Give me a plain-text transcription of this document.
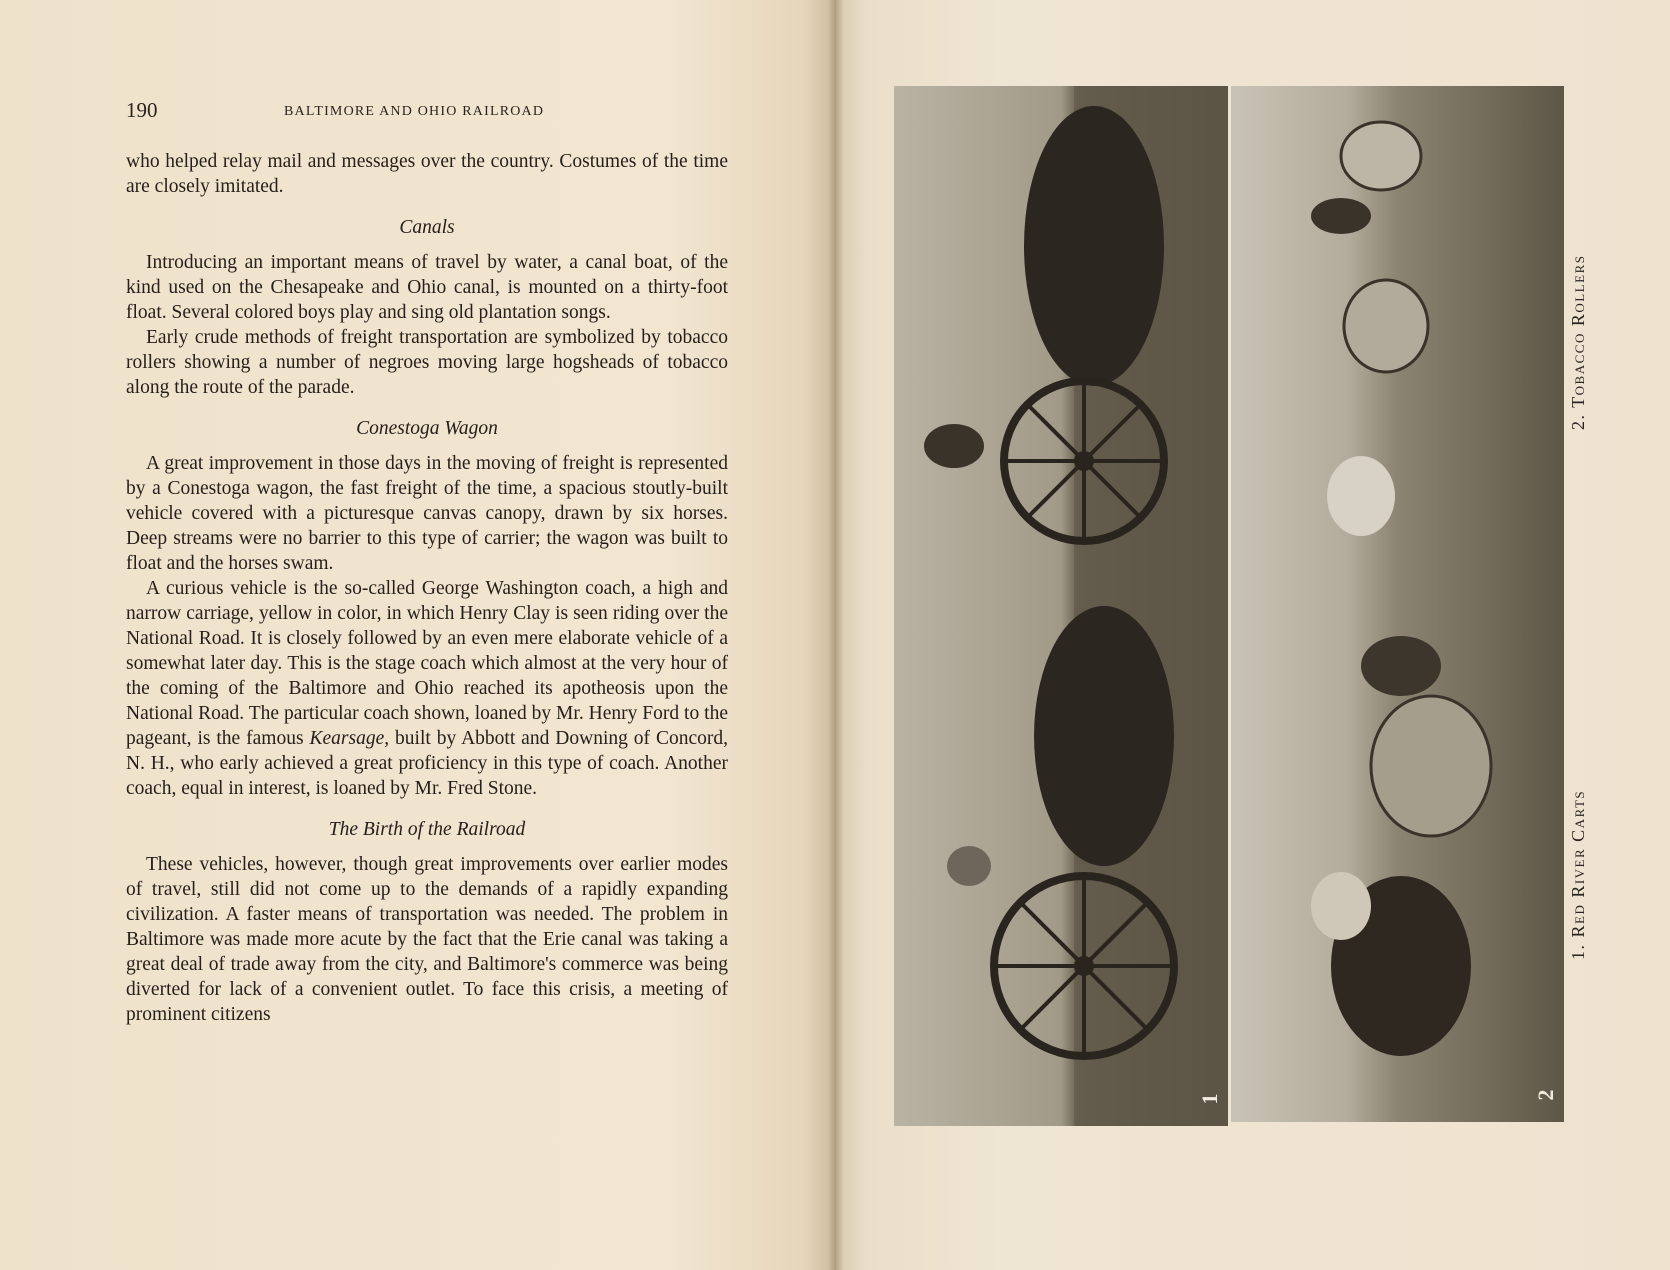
190	BALTIMORE AND OHIO RAILROAD

who helped relay mail and messages over the country. Costumes of the time are closely imitated.

Canals

Introducing an important means of travel by water, a canal boat, of the kind used on the Chesapeake and Ohio canal, is mounted on a thirty-foot float. Several colored boys play and sing old plantation songs.

Early crude methods of freight transportation are symbolized by tobacco rollers showing a number of negroes moving large hogsheads of tobacco along the route of the parade.

Conestoga Wagon

A great improvement in those days in the moving of freight is represented by a Conestoga wagon, the fast freight of the time, a spacious stoutly-built vehicle covered with a picturesque canvas canopy, drawn by six horses. Deep streams were no barrier to this type of carrier; the wagon was built to float and the horses swam.

A curious vehicle is the so-called George Washington coach, a high and narrow carriage, yellow in color, in which Henry Clay is seen riding over the National Road. It is closely followed by an even mere elaborate vehicle of a somewhat later day. This is the stage coach which almost at the very hour of the coming of the Baltimore and Ohio reached its apotheosis upon the National Road. The particular coach shown, loaned by Mr. Henry Ford to the pageant, is the famous Kearsage, built by Abbott and Downing of Concord, N. H., who early achieved a great proficiency in this type of coach. Another coach, equal in interest, is loaned by Mr. Fred Stone.

The Birth of the Railroad

These vehicles, however, though great improvements over earlier modes of travel, still did not come up to the demands of a rapidly expanding civilization. A faster means of transportation was needed. The problem in Baltimore was made more acute by the fact that the Erie canal was taking a great deal of trade away from the city, and Baltimore's commerce was being diverted for lack of a convenient outlet. To face this crisis, a meeting of prominent citizens

1	2
2. Tobacco Rollers
1. Red River Carts
